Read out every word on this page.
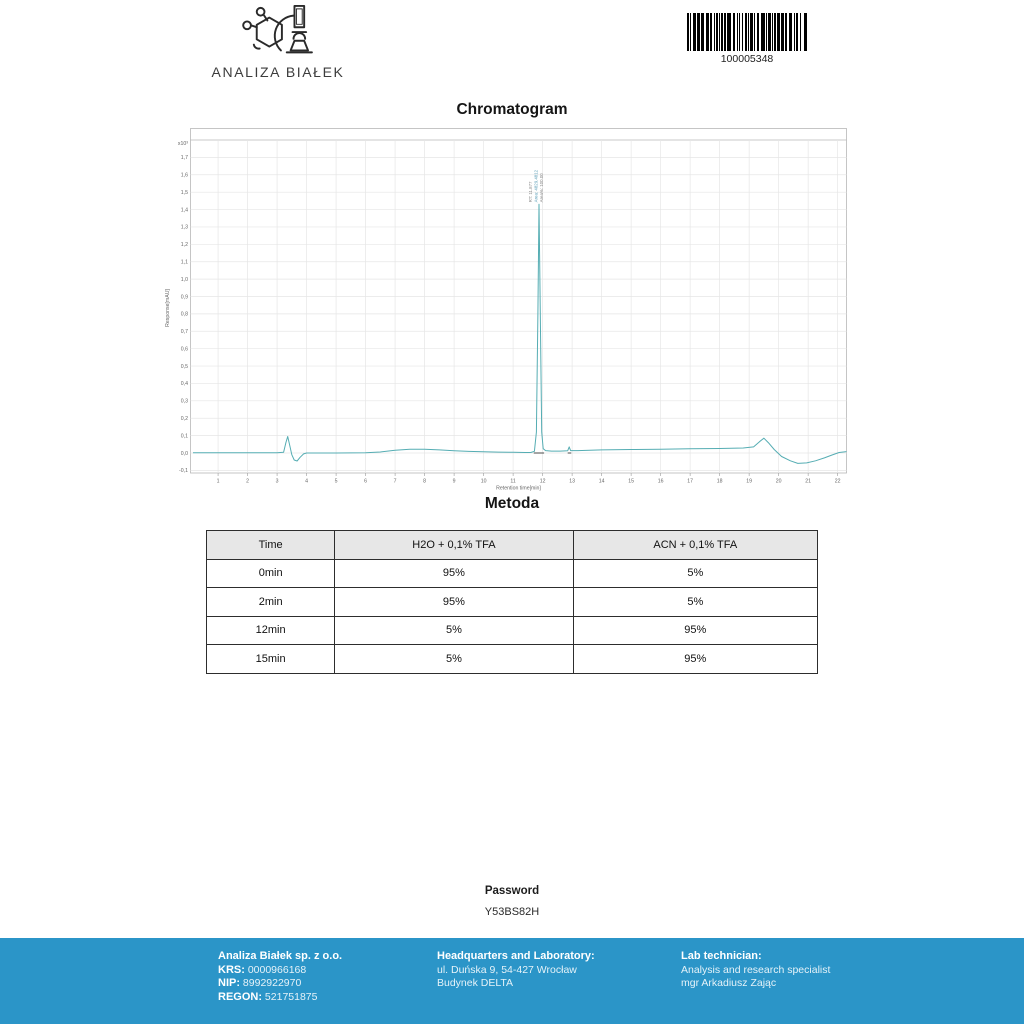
ANALIZA BIAŁEK
100005348
Chromatogram
x10³
1,7
1,6
1,5
1,4
1,3
1,2
1,1
1,0
0,9
0,8
0,7
0,6
0,5
0,4
0,3
0,2
0,1
0,0
-0,1
1	2	3	4	5	6	7	8	9	10	11	12	13	14	15	16	17	18	19	20	21	22
Retention time[min]
Response[mAU]
RT: 11.877 Area: 4829.4812 Area%: 100.00
Metoda
Time	H2O + 0,1% TFA	ACN + 0,1% TFA
0min	95%	5%
2min	95%	5%
12min	5%	95%
15min	5%	95%
Password
Y53BS82H
Analiza Białek sp. z o.o.
KRS: 0000966168
NIP: 8992922970
REGON: 521751875
Headquarters and Laboratory:
ul. Duńska 9, 54-427 Wrocław
Budynek DELTA
Lab technician:
Analysis and research specialist
mgr Arkadiusz Zając
